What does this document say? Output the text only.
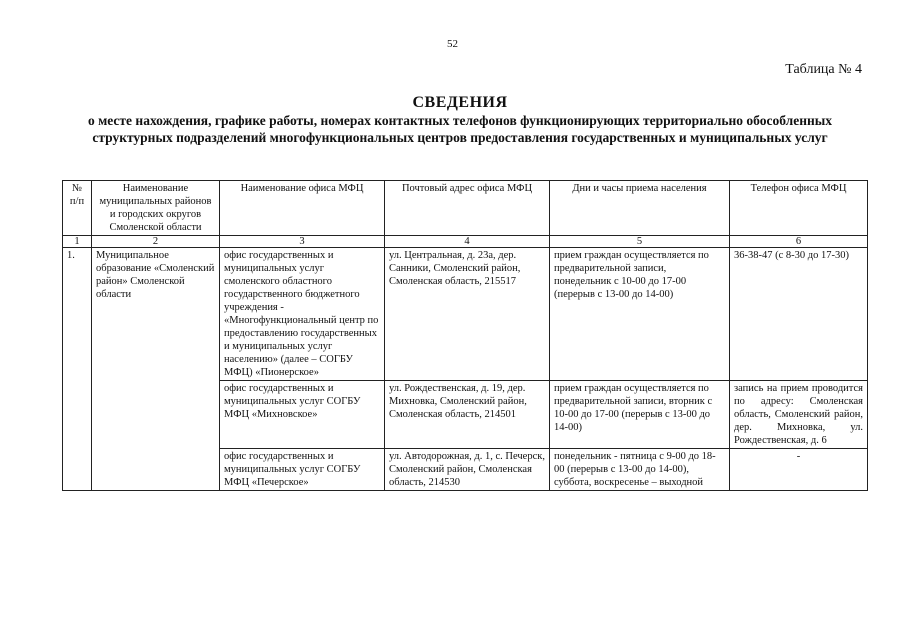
52
Таблица № 4
СВЕДЕНИЯ
о месте нахождения, графике работы, номерах контактных телефонов функционирующих территориально обособленных структурных подразделений многофункциональных центров предоставления государственных и муниципальных услуг
№ п/п	Наименование муниципальных районов и городских округов Смоленской области	Наименование офиса МФЦ	Почтовый адрес офиса МФЦ	Дни и часы приема населения	Телефон офиса МФЦ
1	2	3	4	5	6
1.	Муниципальное образование «Смоленский район» Смоленской области	офис государственных и муниципальных услуг смоленского областного государственного бюджетного учреждения - «Многофункциональный центр по предоставлению государственных и муниципальных услуг населению» (далее – СОГБУ МФЦ) «Пионерское»	ул. Центральная, д. 23а, дер. Санники, Смоленский район, Смоленская область, 215517	прием граждан осуществляется по предварительной записи, понедельник с 10-00 до 17-00 (перерыв с 13-00 до 14-00)	36-38-47 (с 8-30 до 17-30)
		офис государственных и муниципальных услуг СОГБУ МФЦ «Михновское»	ул. Рождественская, д. 19, дер. Михновка, Смоленский район, Смоленская область, 214501	прием граждан осуществляется по предварительной записи, вторник с 10-00 до 17-00 (перерыв с 13-00 до 14-00)	запись на прием проводится по адресу: Смоленская область, Смоленский район, дер. Михновка, ул. Рождественская, д. 6
		офис государственных и муниципальных услуг СОГБУ МФЦ «Печерское»	ул. Автодорожная, д. 1, с. Печерск, Смоленский район, Смоленская область, 214530	понедельник - пятница с 9-00 до 18-00 (перерыв с 13-00 до 14-00), суббота, воскресенье – выходной	-
